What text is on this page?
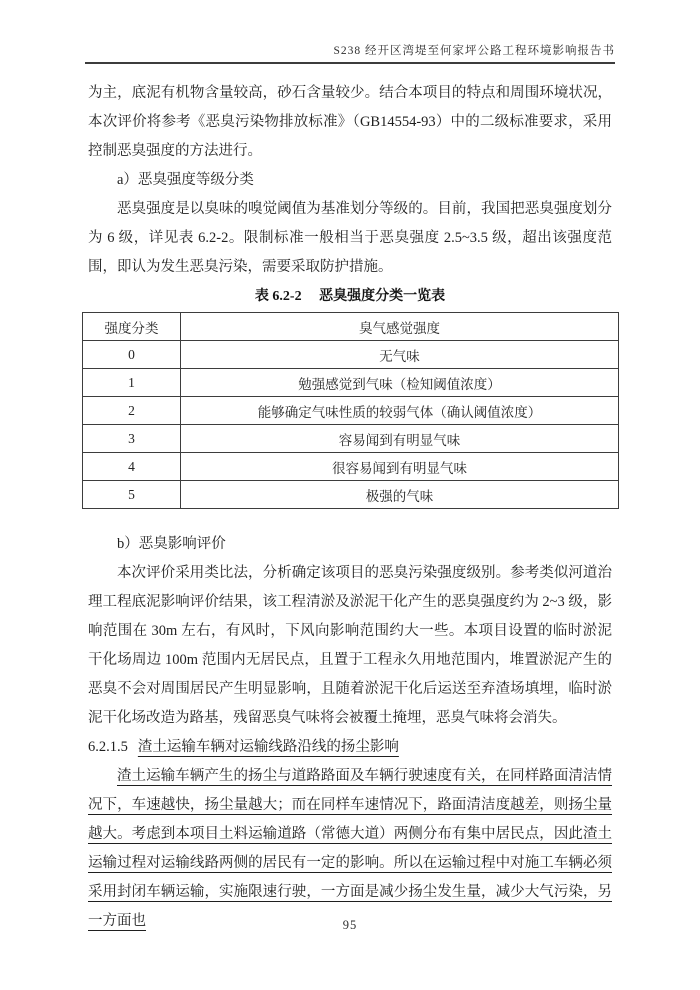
S238 经开区湾堤至何家坪公路工程环境影响报告书

为主，底泥有机物含量较高，砂石含量较少。结合本项目的特点和周围环境状况，本次评价将参考《恶臭污染物排放标准》（GB14554-93）中的二级标准要求，采用控制恶臭强度的方法进行。

a）恶臭强度等级分类

恶臭强度是以臭味的嗅觉阈值为基准划分等级的。目前，我国把恶臭强度划分为 6 级，详见表 6.2-2。限制标准一般相当于恶臭强度 2.5~3.5 级，超出该强度范围，即认为发生恶臭污染，需要采取防护措施。

表 6.2-2　 恶臭强度分类一览表

强度分类	臭气感觉强度
0	无气味
1	勉强感觉到气味（检知阈值浓度）
2	能够确定气味性质的较弱气体（确认阈值浓度）
3	容易闻到有明显气味
4	很容易闻到有明显气味
5	极强的气味

b）恶臭影响评价

本次评价采用类比法，分析确定该项目的恶臭污染强度级别。参考类似河道治理工程底泥影响评价结果，该工程清淤及淤泥干化产生的恶臭强度约为 2~3 级，影响范围在 30m 左右，有风时，下风向影响范围约大一些。本项目设置的临时淤泥干化场周边 100m 范围内无居民点，且置于工程永久用地范围内，堆置淤泥产生的恶臭不会对周围居民产生明显影响，且随着淤泥干化后运送至弃渣场填埋，临时淤泥干化场改造为路基，残留恶臭气味将会被覆土掩埋，恶臭气味将会消失。

6.2.1.5 渣土运输车辆对运输线路沿线的扬尘影响

渣土运输车辆产生的扬尘与道路路面及车辆行驶速度有关，在同样路面清洁情况下，车速越快，扬尘量越大；而在同样车速情况下，路面清洁度越差，则扬尘量越大。考虑到本项目土料运输道路（常德大道）两侧分布有集中居民点，因此渣土运输过程对运输线路两侧的居民有一定的影响。所以在运输过程中对施工车辆必须采用封闭车辆运输，实施限速行驶，一方面是减少扬尘发生量，减少大气污染，另一方面也	95
